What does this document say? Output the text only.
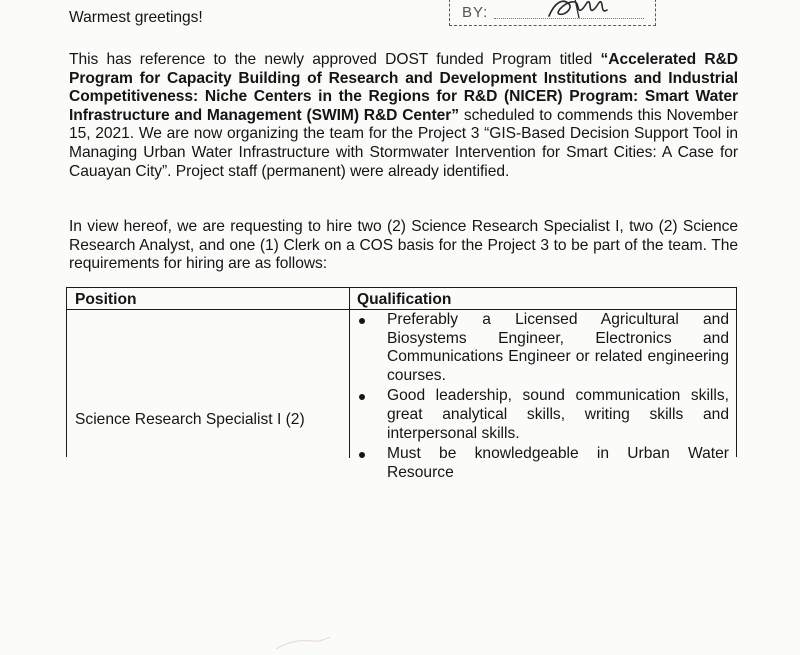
BY:
Warmest greetings!
This has reference to the newly approved DOST funded Program titled “Accelerated R&D Program for Capacity Building of Research and Development Institutions and Industrial Competitiveness: Niche Centers in the Regions for R&D (NICER) Program: Smart Water Infrastructure and Management (SWIM) R&D Center” scheduled to commends this November 15, 2021. We are now organizing the team for the Project 3 “GIS-Based Decision Support Tool in Managing Urban Water Infrastructure with Stormwater Intervention for Smart Cities: A Case for Cauayan City”. Project staff (permanent) were already identified.
In view hereof, we are requesting to hire two (2) Science Research Specialist I, two (2) Science Research Analyst, and one (1) Clerk on a COS basis for the Project 3 to be part of the team. The requirements for hiring are as follows:
Position	Qualification
Science Research Specialist I (2)
Preferably a Licensed Agricultural and Biosystems Engineer, Electronics and Communications Engineer or related engineering courses.
Good leadership, sound communication skills, great analytical skills, writing skills and interpersonal skills.
Must be knowledgeable in Urban Water Resource
